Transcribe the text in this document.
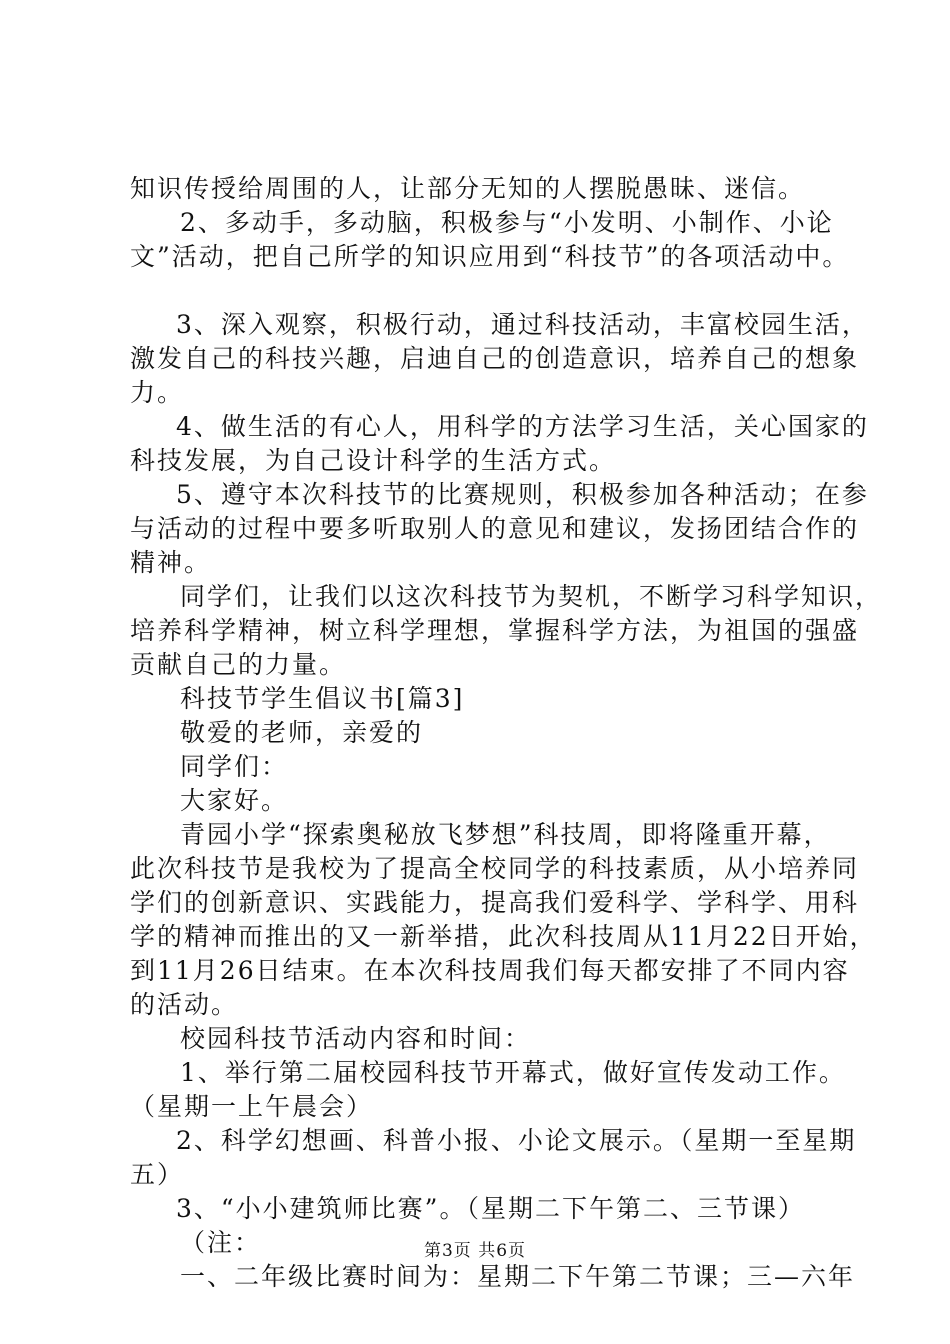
知识传授给周围的人，让部分无知的人摆脱愚昧、迷信。
2、多动手，多动脑，积极参与“小发明、小制作、小论
文”活动，把自己所学的知识应用到“科技节”的各项活动中。
3、深入观察，积极行动，通过科技活动，丰富校园生活，
激发自己的科技兴趣，启迪自己的创造意识，培养自己的想象
力。
4、做生活的有心人，用科学的方法学习生活，关心国家的
科技发展，为自己设计科学的生活方式。
5、遵守本次科技节的比赛规则，积极参加各种活动；在参
与活动的过程中要多听取别人的意见和建议，发扬团结合作的
精神。
同学们，让我们以这次科技节为契机，不断学习科学知识，
培养科学精神，树立科学理想，掌握科学方法，为祖国的强盛
贡献自己的力量。
科技节学生倡议书[篇3]
敬爱的老师，亲爱的
同学们：
大家好。
青园小学“探索奥秘放飞梦想”科技周，即将隆重开幕，
此次科技节是我校为了提高全校同学的科技素质，从小培养同
学们的创新意识、实践能力，提高我们爱科学、学科学、用科
学的精神而推出的又一新举措，此次科技周从11月22日开始，
到11月26日结束。在本次科技周我们每天都安排了不同内容
的活动。
校园科技节活动内容和时间：
1、举行第二届校园科技节开幕式，做好宣传发动工作。
（星期一上午晨会）
2、科学幻想画、科普小报、小论文展示。（星期一至星期
五）
3、“小小建筑师比赛”。（星期二下午第二、三节课）
（注：
一、二年级比赛时间为：星期二下午第二节课；三—六年
第3页 共6页
